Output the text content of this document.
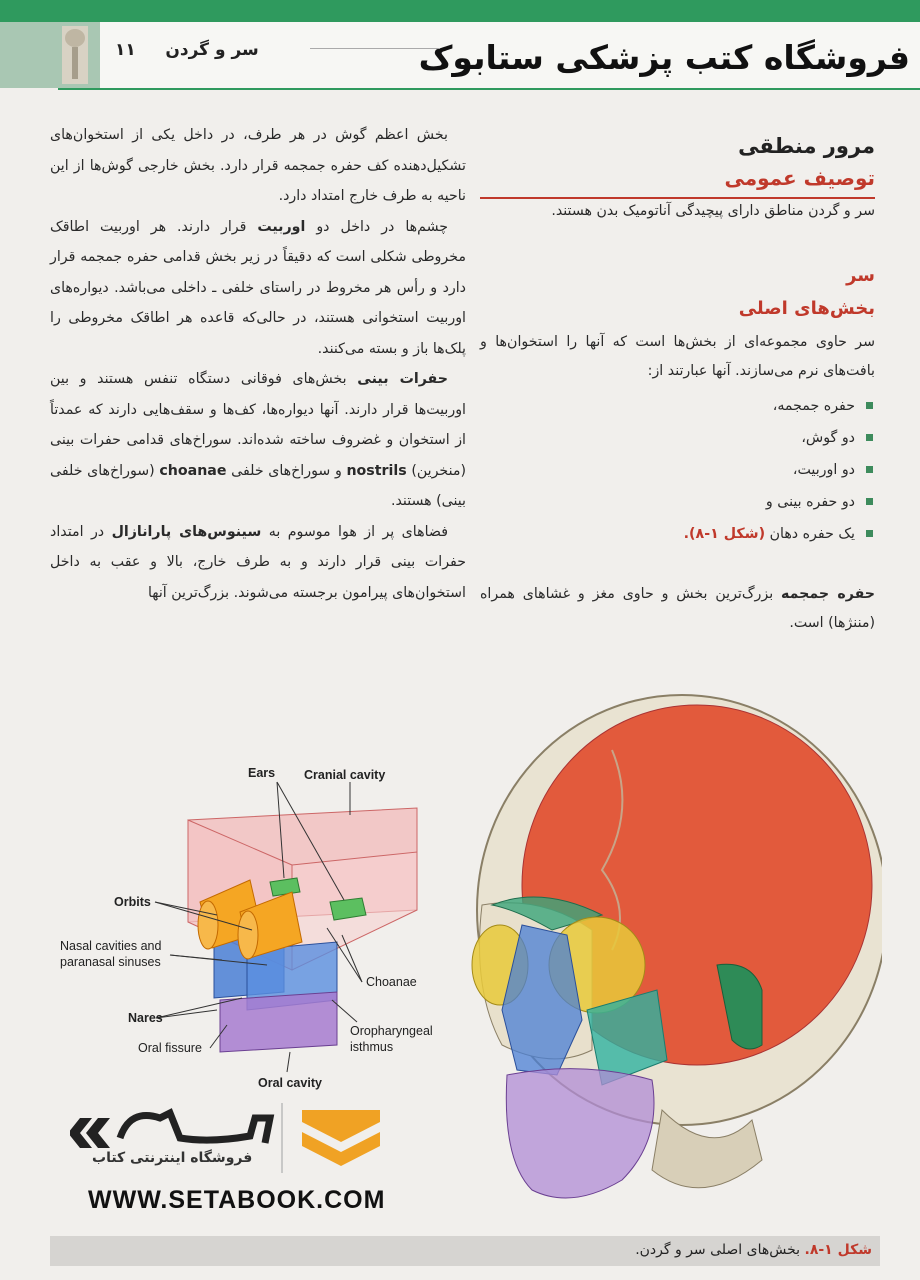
فروشگاه کتب پزشکی ستابوک
سر و گردن     ۱۱
مرور منطقی
توصیف عمومی
سر و گردن مناطق دارای پیچیدگی آناتومیک بدن هستند.
سر
بخش‌های اصلی
سر حاوی مجموعه‌ای از بخش‌ها است که آنها را استخوان‌ها و بافت‌های نرم می‌سازند. آنها عبارتند از:
حفره جمجمه،
دو گوش،
دو اوربیت،
دو حفره بینی و
یک حفره دهان (شکل ۱-۸).
حفره جمجمه بزرگ‌ترین بخش و حاوی مغز و غشاهای همراه (مننژها) است.

بخش اعظم گوش در هر طرف، در داخل یکی از استخوان‌های تشکیل‌دهنده کف حفره جمجمه قرار دارد. بخش خارجی گوش‌ها از این ناحیه به طرف خارج امتداد دارد.

چشم‌ها در داخل دو اوربیت قرار دارند. هر اوربیت اطاقک مخروطی شکلی است که دقیقاً در زیر بخش قدامی حفره جمجمه قرار دارد و رأس هر مخروط در راستای خلفی ـ داخلی می‌باشد. دیواره‌های اوربیت استخوانی هستند، در حالی‌که قاعده هر اطاقک مخروطی را پلک‌ها باز و بسته می‌کنند.

حفرات بینی بخش‌های فوقانی دستگاه تنفس هستند و بین اوربیت‌ها قرار دارند. آنها دیواره‌ها، کف‌ها و سقف‌هایی دارند که عمدتاً از استخوان و غضروف ساخته شده‌اند. سوراخ‌های قدامی حفرات بینی (منخرین) nostrils و سوراخ‌های خلفی choanae (سوراخ‌های خلفی بینی) هستند.

فضاهای پر از هوا موسوم به سینوس‌های پارانازال در امتداد حفرات بینی قرار دارند و به طرف خارج، بالا و عقب به داخل استخوان‌های پیرامون برجسته می‌شوند. بزرگ‌ترین آنها

Ears Cranial cavity
Orbits
Nasal cavities and
paranasal sinuses
Choanae
Nares
Oral fissure
Oropharyngeal
isthmus
Oral cavity
فروشگاه اینترنتی کتاب
WWW.SETABOOK.COM
شکل ۱-۸. بخش‌های اصلی سر و گردن.
